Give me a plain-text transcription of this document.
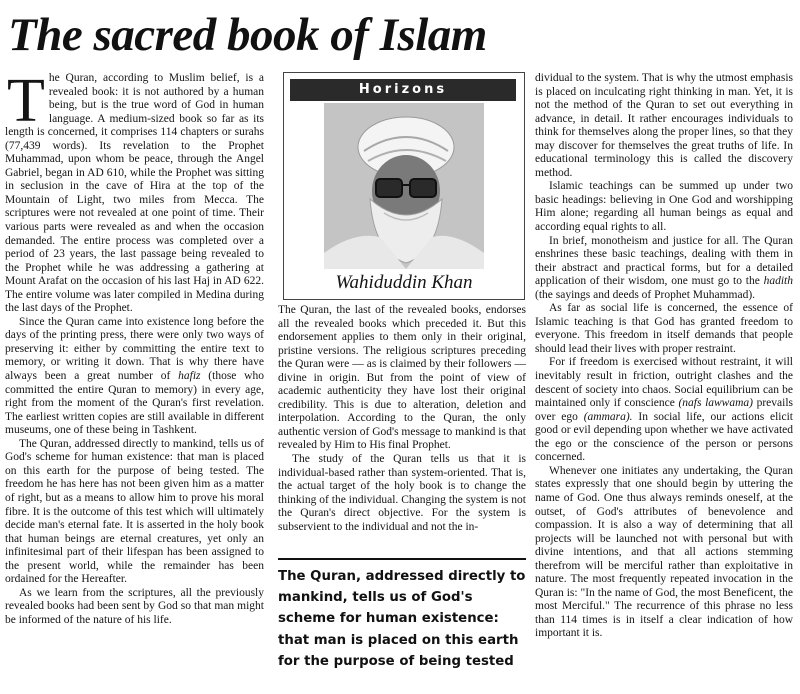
The sacred book of Islam

The Quran, according to Muslim belief, is a revealed book: it is not authored by a human being, but is the true word of God in human language. A medium-sized book so far as its length is concerned, it comprises 114 chapters or surahs (77,439 words). Its revelation to the Prophet Muhammad, upon whom be peace, through the Angel Gabriel, began in AD 610, while the Prophet was sitting in seclusion in the cave of Hira at the top of the Mountain of Light, two miles from Mecca. The scriptures were not revealed at one point of time. Their various parts were revealed as and when the occasion demanded. The entire process was completed over a period of 23 years, the last passage being revealed to the Prophet while he was addressing a gathering at Mount Arafat on the occasion of his last Haj in AD 622. The entire volume was later compiled in Medina during the last days of the Prophet.

Since the Quran came into existence long before the days of the printing press, there were only two ways of preserving it: either by committing the entire text to memory, or writing it down. That is why there have always been a great number of hafiz (those who committed the entire Quran to memory) in every age, right from the moment of the Quran's first revelation. The earliest written copies are still available in different museums, one of these being in Tashkent.

The Quran, addressed directly to mankind, tells us of God's scheme for human existence: that man is placed on this earth for the purpose of being tested. The freedom he has here has not been given him as a matter of right, but as a means to allow him to prove his moral fibre. It is the outcome of this test which will ultimately decide man's eternal fate. It is asserted in the holy book that human beings are eternal creatures, yet only an infinitesimal part of their lifespan has been assigned to the present world, while the remainder has been ordained for the Hereafter.

As we learn from the scriptures, all the previously revealed books had been sent by God so that man might be informed of the nature of his life.

Horizons
Wahiduddin Khan

The Quran, the last of the revealed books, endorses all the revealed books which preceded it. But this endorsement applies to them only in their original, pristine versions. The religious scriptures preceding the Quran were — as is claimed by their followers — divine in origin. But from the point of view of academic authenticity they have lost their original credibility. This is due to alteration, deletion and interpolation. According to the Quran, the only authentic version of God's message to mankind is that revealed by Him to His final Prophet.

The study of the Quran tells us that it is individual-based rather than system-oriented. That is, the actual target of the holy book is to change the thinking of the individual. Changing the system is not the Quran's direct objective. For the system is subservient to the individual and not the in-

The Quran, addressed directly to mankind, tells us of God's scheme for human existence: that man is placed on this earth for the purpose of being tested

dividual to the system. That is why the utmost emphasis is placed on inculcating right thinking in man. Yet, it is not the method of the Quran to set out everything in advance, in detail. It rather encourages individuals to think for themselves along the proper lines, so that they may discover for themselves the great truths of life. In educational terminology this is called the discovery method.

Islamic teachings can be summed up under two basic headings: believing in One God and worshipping Him alone; regarding all human beings as equal and according equal rights to all.

In brief, monotheism and justice for all. The Quran enshrines these basic teachings, dealing with them in their abstract and practical forms, but for a detailed application of their wisdom, one must go to the hadith (the sayings and deeds of Prophet Muhammad).

As far as social life is concerned, the essence of Islamic teaching is that God has granted freedom to everyone. This freedom in itself demands that people should lead their lives with proper restraint.

For if freedom is exercised without restraint, it will inevitably result in friction, outright clashes and the descent of society into chaos. Social equilibrium can be maintained only if conscience (nafs lawwama) prevails over ego (ammara). In social life, our actions elicit good or evil depending upon whether we have activated the ego or the conscience of the person or persons concerned.

Whenever one initiates any undertaking, the Quran states expressly that one should begin by uttering the name of God. One thus always reminds oneself, at the outset, of God's attributes of benevolence and compassion. It is also a way of determining that all projects will be launched not with personal but with divine intentions, and that all actions stemming therefrom will be merciful rather than exploitative in nature. The most frequently repeated invocation in the Quran is: "In the name of God, the most Beneficent, the most Merciful." The recurrence of this phrase no less than 114 times is in itself a clear indication of how important it is.
